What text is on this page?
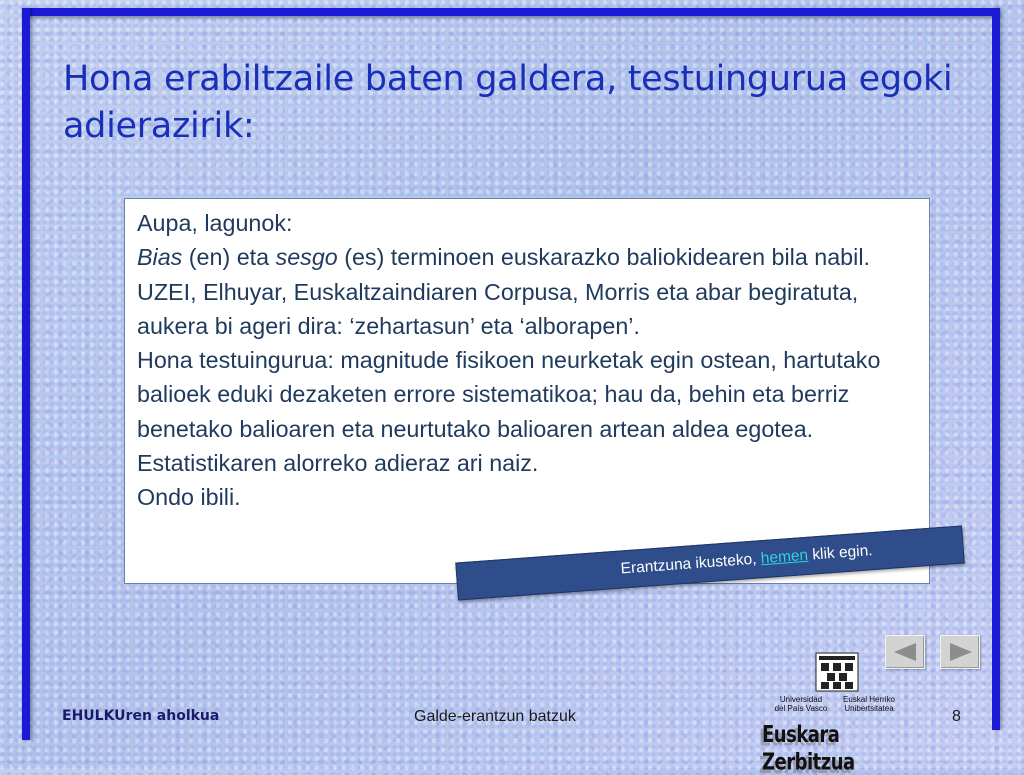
Hona erabiltzaile baten galdera, testuingurua egoki adierazirik:

Aupa, lagunok:

Bias (en) eta sesgo (es) terminoen euskarazko baliokidearen bila nabil. UZEI, Elhuyar, Euskaltzaindiaren Corpusa, Morris eta abar begiratuta, aukera bi ageri dira: ‘zehartasun’ eta ‘alborapen’.

Hona testuingurua: magnitude fisikoen neurketak egin ostean, hartutako balioek eduki dezaketen errore sistematikoa; hau da, behin eta berriz benetako balioaren eta neurtutako balioaren artean aldea egotea. Estatistikaren alorreko adieraz ari naiz.

Ondo ibili.

Erantzuna ikusteko,
hemen
klik egin.
EHULKUren aholkua	Galde-erantzun batzuk	8
Universidad
del País Vasco
Euskal Herriko
Unibertsitatea
Euskara Zerbitzua
